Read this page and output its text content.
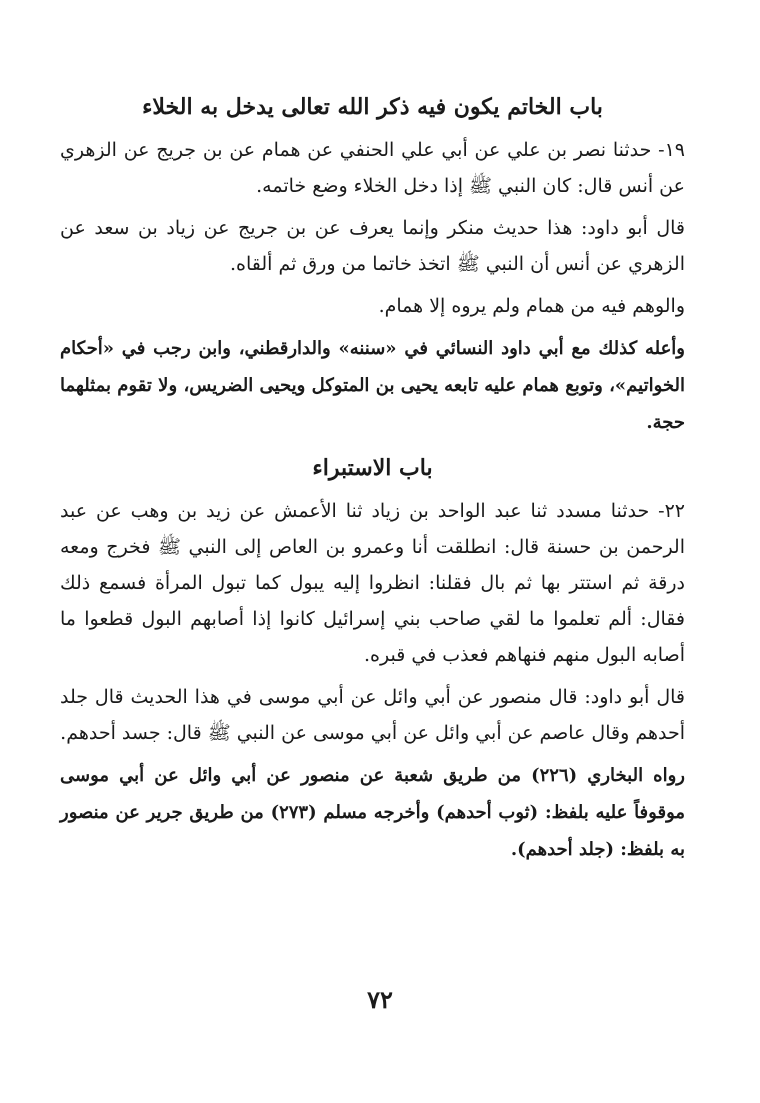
باب الخاتم يكون فيه ذكر الله تعالى يدخل به الخلاء

١٩- حدثنا نصر بن علي عن أبي علي الحنفي عن همام عن بن جريج عن الزهري عن أنس قال: كان النبي ﷺ إذا دخل الخلاء وضع خاتمه.

قال أبو داود: هذا حديث منكر وإنما يعرف عن بن جريج عن زياد بن سعد عن الزهري عن أنس أن النبي ﷺ اتخذ خاتما من ورق ثم ألقاه.

والوهم فيه من همام ولم يروه إلا همام.

وأعله كذلك مع أبي داود النسائي في «سننه» والدارقطني، وابن رجب في «أحكام الخواتيم»، وتوبع همام عليه تابعه يحيى بن المتوكل ويحيى الضريس، ولا تقوم بمثلهما حجة.

باب الاستبراء

٢٢- حدثنا مسدد ثنا عبد الواحد بن زياد ثنا الأعمش عن زيد بن وهب عن عبد الرحمن بن حسنة قال: انطلقت أنا وعمرو بن العاص إلى النبي ﷺ فخرج ومعه درقة ثم استتر بها ثم بال فقلنا: انظروا إليه يبول كما تبول المرأة فسمع ذلك فقال: ألم تعلموا ما لقي صاحب بني إسرائيل كانوا إذا أصابهم البول قطعوا ما أصابه البول منهم فنهاهم فعذب في قبره.

قال أبو داود: قال منصور عن أبي وائل عن أبي موسى في هذا الحديث قال جلد أحدهم وقال عاصم عن أبي وائل عن أبي موسى عن النبي ﷺ قال: جسد أحدهم.

رواه البخاري (٢٢٦) من طريق شعبة عن منصور عن أبي وائل عن أبي موسى موقوفاً عليه بلفظ: (ثوب أحدهم) وأخرجه مسلم (٢٧٣) من طريق جرير عن منصور به بلفظ: (جلد أحدهم).

٧٢
